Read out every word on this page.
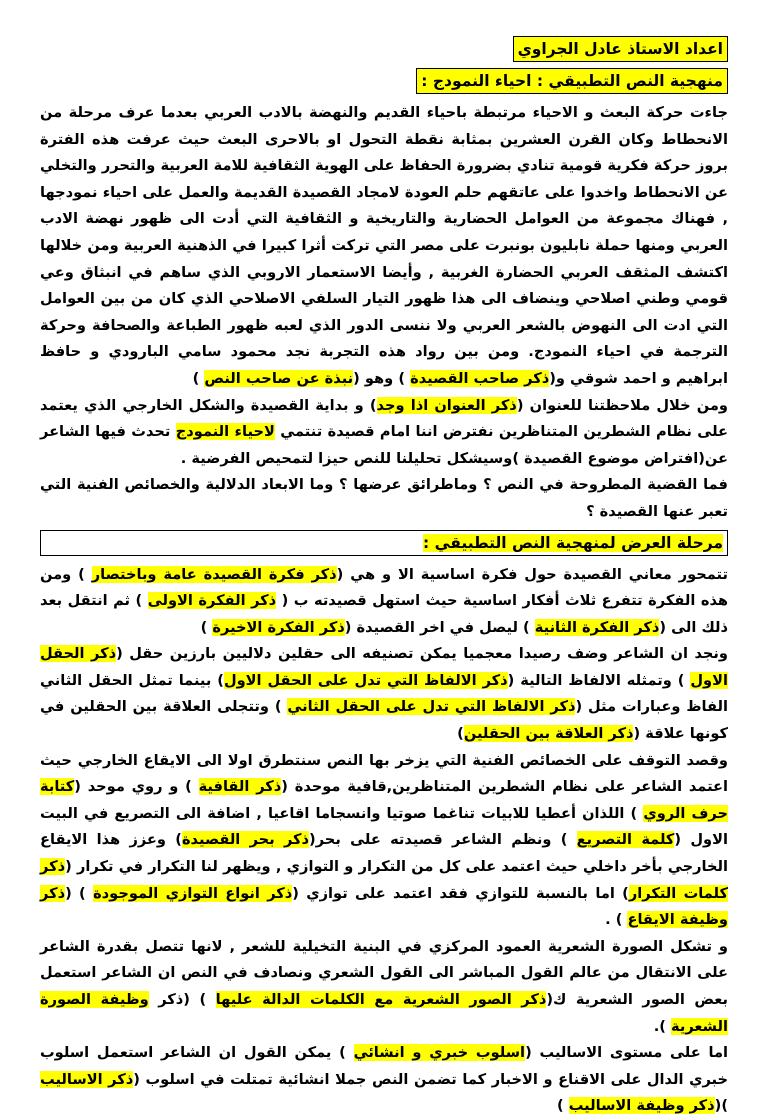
اعداد الاستاذ عادل الجراوي
منهجية النص التطبيقي : احياء النمودج :

جاءت حركة البعث و الاحياء مرتبطة باحياء القديم والنهضة بالادب العربي بعدما عرف مرحلة من الانحطاط وكان القرن العشرين بمثابة نقطة التحول او بالاحرى البعث حيث عرفت هذه الفترة بروز حركة فكرية قومية تنادي بضرورة الحفاظ على الهوية الثقافية للامة العربية والتحرر والتخلي عن الانحطاط واخدوا على عاتقهم حلم العودة لامجاد القصيدة القديمة والعمل على احياء نمودجها , فهناك مجموعة من العوامل الحضارية والتاريخية و الثقافية التي أدت الى ظهور نهضة الادب العربي ومنها حملة نابليون بونبرت على مصر التي تركت أثرا كبيرا في الذهنية العربية ومن خلالها اكتشف المثقف العربي الحضارة الغربية , وأيضا الاستعمار الاروبي الذي ساهم في انبثاق وعي قومي وطني اصلاحي وينضاف الى هذا ظهور التيار السلفي الاصلاحي الذي كان من بين العوامل التي ادت الى النهوض بالشعر العربي ولا ننسى الدور الذي لعبه ظهور الطباعة والصحافة وحركة الترجمة في احياء النمودج. ومن بين رواد هذه التجربة نجد محمود سامي البارودي و حافظ ابراهيم و احمد شوقي و(ذكر صاحب القصيدة ) وهو (نبذة عن صاحب النص )

ومن خلال ملاحظتنا للعنوان (ذكر العنوان اذا وجد) و بداية القصيدة والشكل الخارجي الذي يعتمد على نظام الشطرين المتناظرين نفترض اننا امام قصيدة تنتمي لاحياء النمودج تحدث فيها الشاعر عن(افتراض موضوع القصيدة )وسيشكل تحليلنا للنص حيزا لتمحيص الفرضية .

فما القضية المطروحة في النص ؟ وماطرائق عرضها ؟ وما الابعاد الدلالية والخصائص الفنية التي تعبر عنها القصيدة ؟

مرحلة العرض لمنهجية النص التطبيقي :

تتمحور معاني القصيدة حول فكرة اساسية الا و هي (ذكر فكرة القصيدة عامة وباختصار ) ومن هذه الفكرة تتفرع ثلاث أفكار اساسية حيث استهل قصيدته ب ( ذكر الفكرة الاولى ) ثم انتقل بعد ذلك الى (ذكر الفكرة الثانية ) ليصل في اخر القصيدة (ذكر الفكرة الاخيرة )

ونجد ان الشاعر وضف رصيدا معجميا يمكن تصنيفه الى حقلين دلاليين بارزين حقل (ذكر الحقل الاول ) وتمثله الالفاظ التالية (ذكر الالفاظ التي تدل على الحقل الاول) بينما تمثل الحقل الثاني الفاظ وعبارات مثل (ذكر الالفاظ التي تدل على الحقل الثاني ) وتتجلى العلاقة بين الحقلين في كونها علاقة (ذكر العلاقة بين الحقلين)

وقصد التوقف على الخصائص الفنية التي يزخر بها النص سنتطرق اولا الى الايقاع الخارجي حيث اعتمد الشاعر على نظام الشطرين المتناظرين,قافية موحدة (ذكر القافية ) و روي موحد (كتابة حرف الروي ) اللذان أعطيا للابيات تناغما صوتيا وانسجاما اقاعيا , اضافة الى التصريع في البيت الاول (كلمة التصريع ) ونظم الشاعر قصيدته على بحر(ذكر بحر القصيدة) وعزز هذا الايقاع الخارجي بأخر داخلي حيث اعتمد على كل من التكرار و التوازي , ويظهر لنا التكرار في تكرار (ذكر كلمات التكرار) اما بالنسبة للتوازي فقد اعتمد على توازي (ذكر انواع التوازي الموجودة ) (ذكر وظيفة الايقاع ) .

و تشكل الصورة الشعرية العمود المركزي في البنية التخيلية للشعر , لانها تتصل بقدرة الشاعر على الانتقال من عالم القول المباشر الى القول الشعري ونصادف في النص ان الشاعر استعمل بعض الصور الشعرية ك(ذكر الصور الشعرية مع الكلمات الدالة عليها ) (ذكر وظيفة الصورة الشعرية ).

اما على مستوى الاساليب (اسلوب خبري و انشائي ) يمكن القول ان الشاعر استعمل اسلوب خبري الدال على الاقناع و الاخبار كما تضمن النص جملا انشائية تمتلت في اسلوب (ذكر الاساليب )(ذكر وظيفة الاساليب )
